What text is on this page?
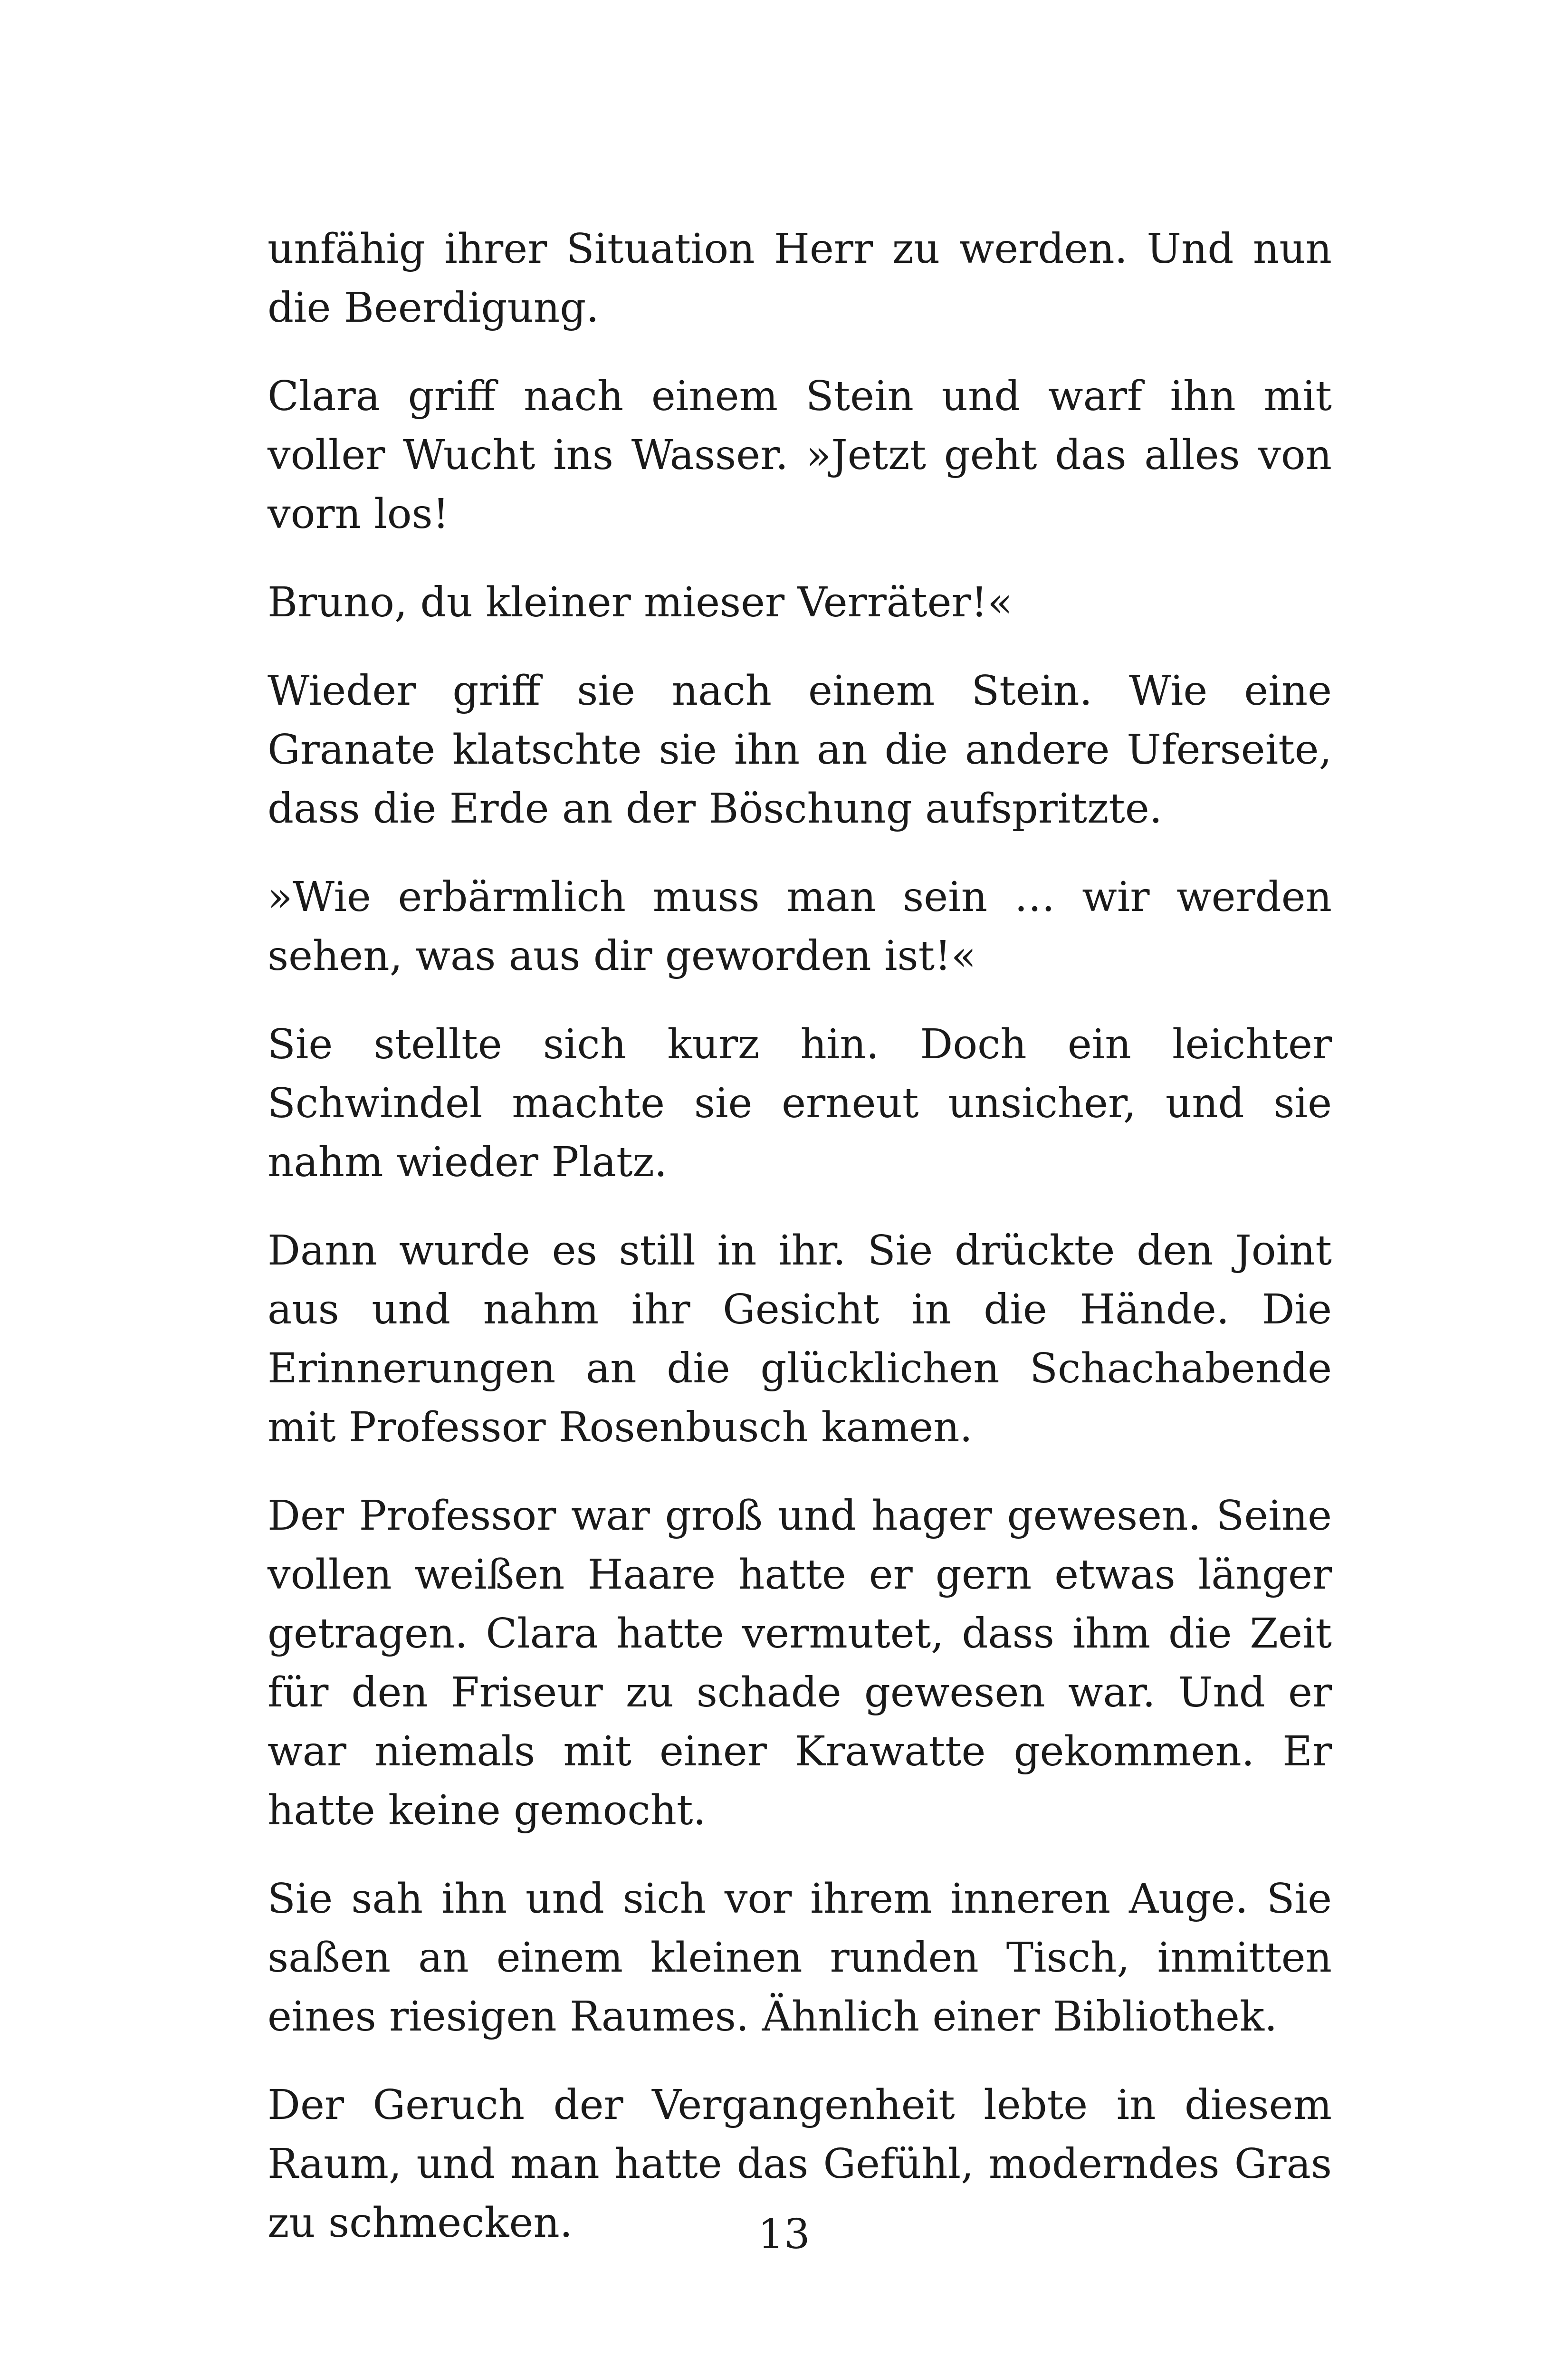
unfähig ihrer Situation Herr zu werden. Und nun die Beerdigung.

Clara griff nach einem Stein und warf ihn mit voller Wucht ins Wasser. »Jetzt geht das alles von vorn los!

Bruno, du kleiner mieser Verräter!«

Wieder griff sie nach einem Stein. Wie eine Granate klatschte sie ihn an die andere Uferseite, dass die Erde an der Böschung aufspritzte.

»Wie erbärmlich muss man sein … wir werden sehen, was aus dir geworden ist!«

Sie stellte sich kurz hin. Doch ein leichter Schwindel machte sie erneut unsicher, und sie nahm wieder Platz.

Dann wurde es still in ihr. Sie drückte den Joint aus und nahm ihr Gesicht in die Hände. Die Erinnerungen an die glücklichen Schachabende mit Professor Rosenbusch kamen.

Der Professor war groß und hager gewesen. Seine vollen weißen Haare hatte er gern etwas länger getragen. Clara hatte vermutet, dass ihm die Zeit für den Friseur zu schade gewesen war. Und er war niemals mit einer Krawatte gekommen. Er hatte keine gemocht.

Sie sah ihn und sich vor ihrem inneren Auge. Sie saßen an einem kleinen runden Tisch, inmitten eines riesigen Raumes. Ähnlich einer Bibliothek.

Der Geruch der Vergangenheit lebte in diesem Raum, und man hatte das Gefühl, moderndes Gras zu schmecken.	13
